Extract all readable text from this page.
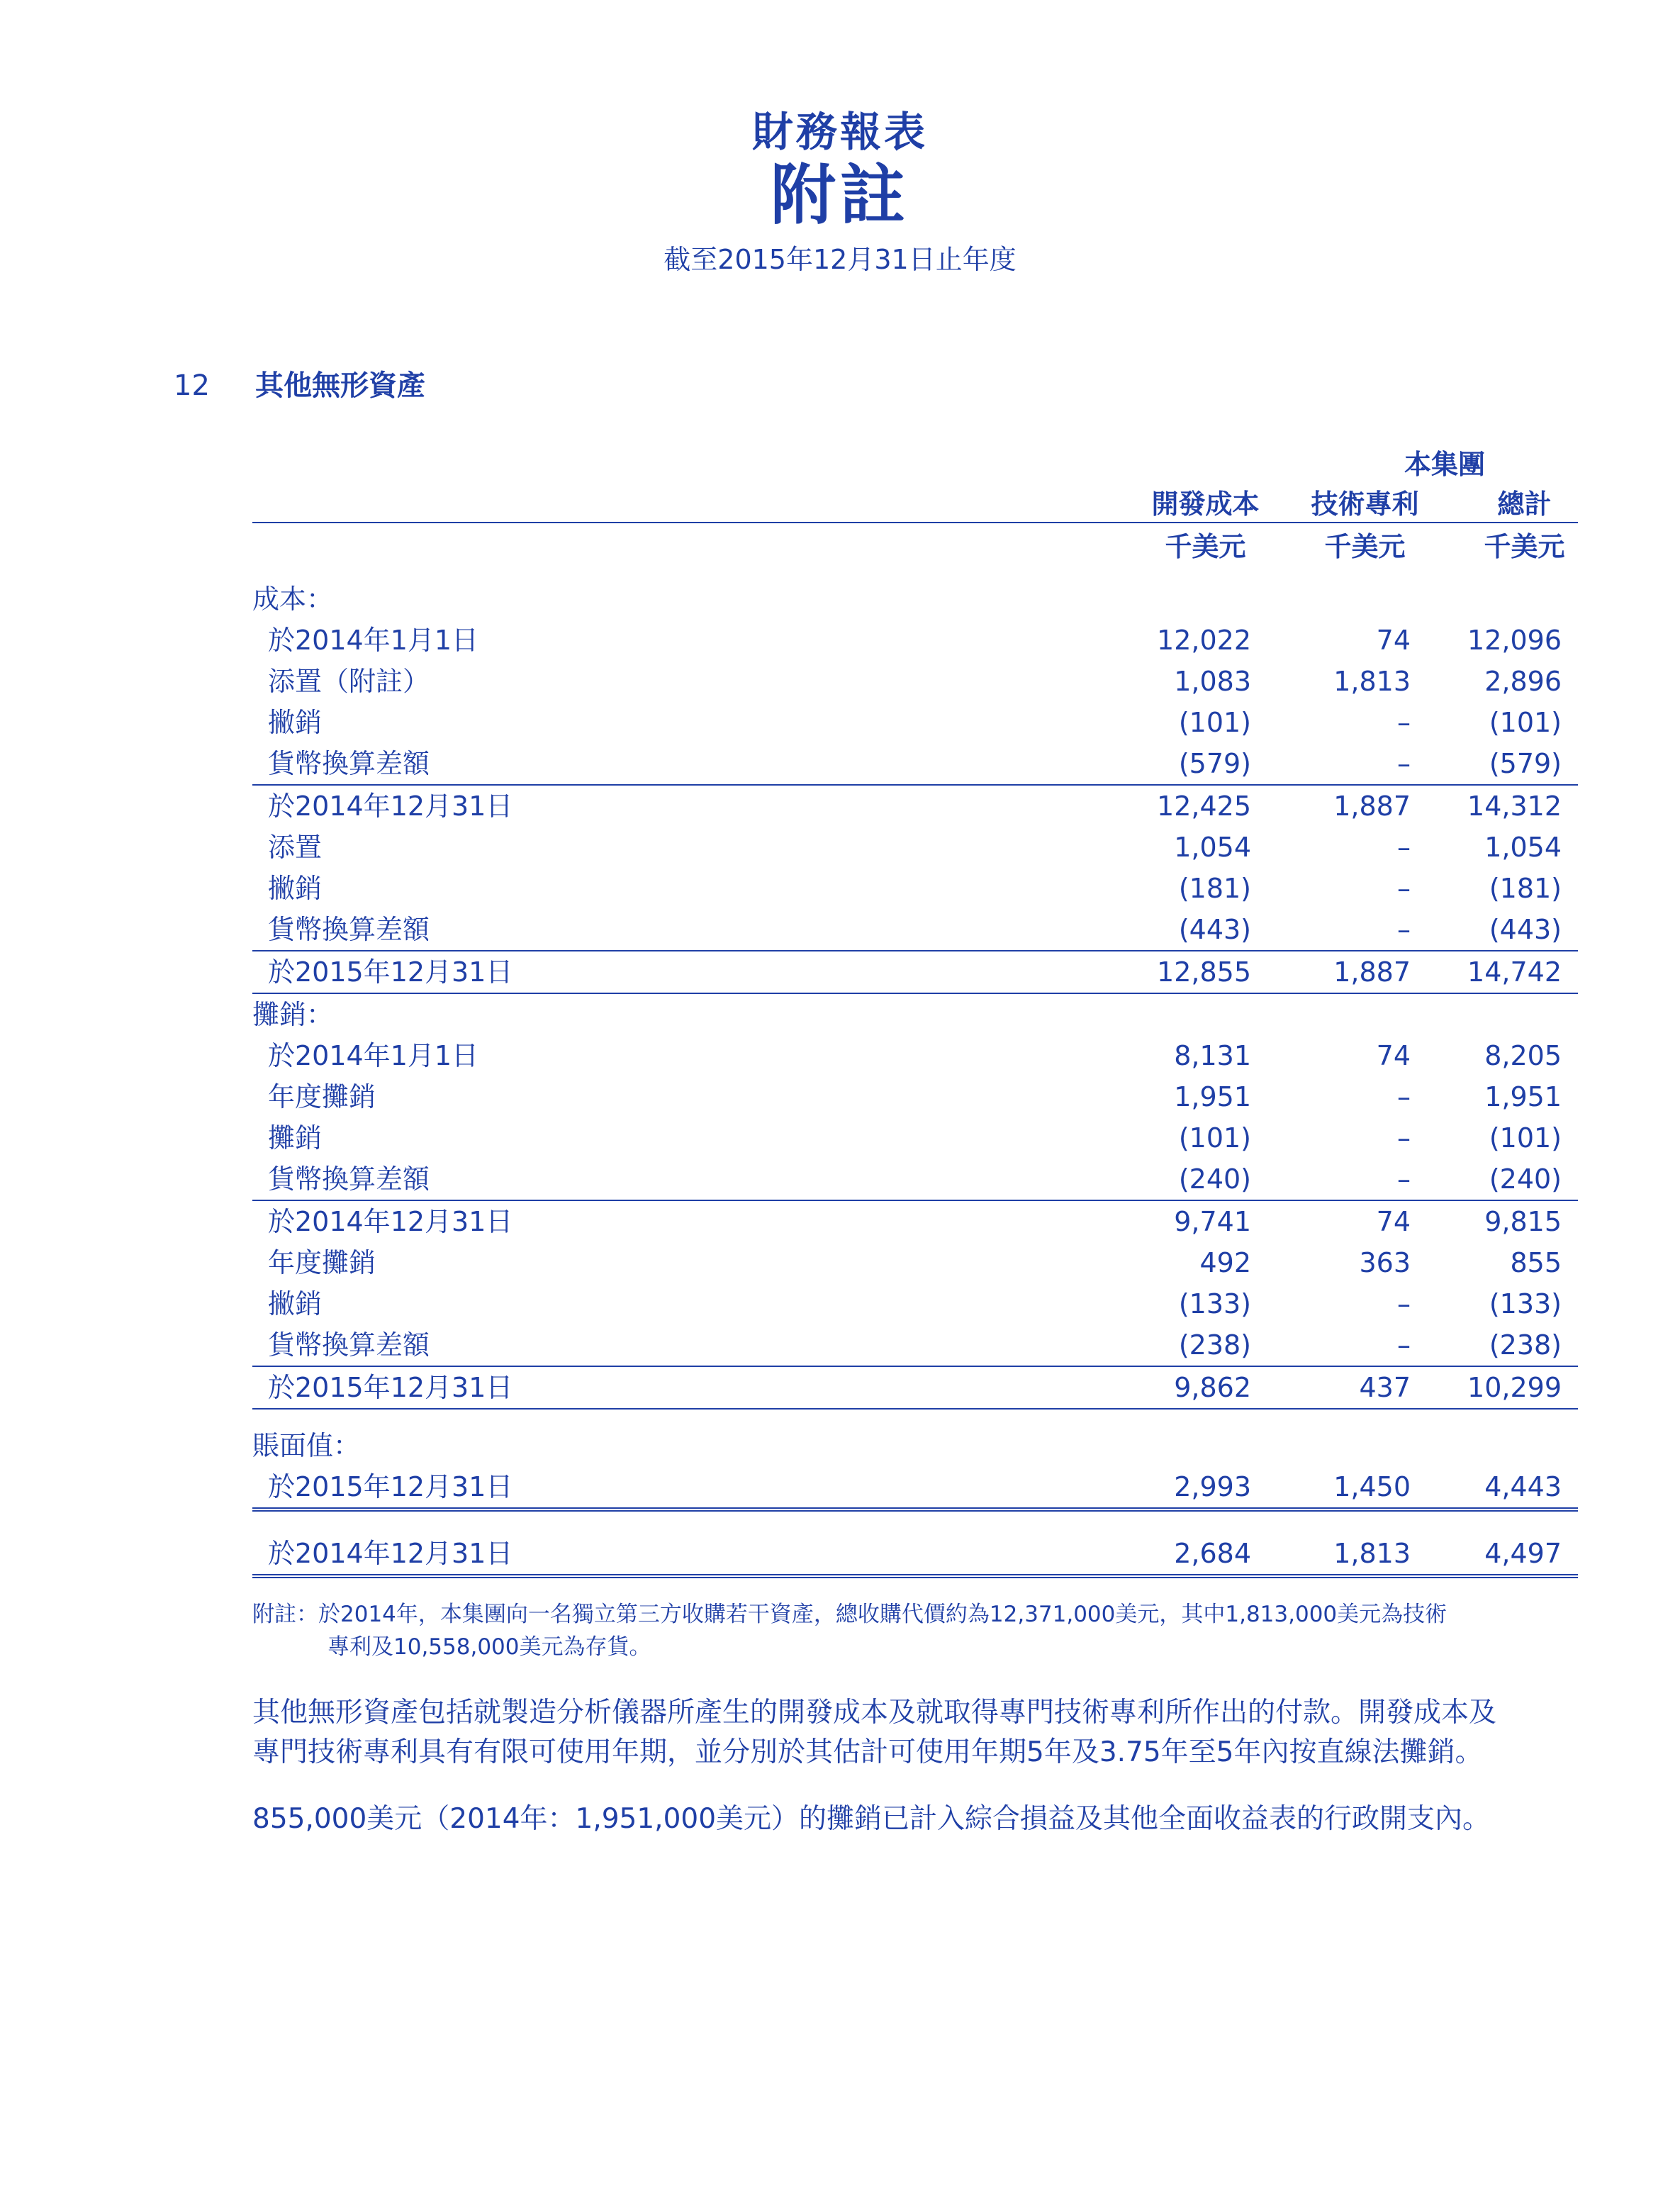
財務報表
附註
截至2015年12月31日止年度
12 其他無形資產
本集團
開發成本	技術專利	總計
千美元	千美元	千美元
成本：
於2014年1月1日	12,022	74	12,096
添置（附註）	1,083	1,813	2,896
撇銷	(101)	–	(101)
貨幣換算差額	(579)	–	(579)
於2014年12月31日	12,425	1,887	14,312
添置	1,054	–	1,054
撇銷	(181)	–	(181)
貨幣換算差額	(443)	–	(443)
於2015年12月31日	12,855	1,887	14,742
攤銷：
於2014年1月1日	8,131	74	8,205
年度攤銷	1,951	–	1,951
攤銷	(101)	–	(101)
貨幣換算差額	(240)	–	(240)
於2014年12月31日	9,741	74	9,815
年度攤銷	492	363	855
撇銷	(133)	–	(133)
貨幣換算差額	(238)	–	(238)
於2015年12月31日	9,862	437	10,299
賬面值：
於2015年12月31日	2,993	1,450	4,443
於2014年12月31日	2,684	1,813	4,497
附註：於2014年，本集團向一名獨立第三方收購若干資產，總收購代價約為12,371,000美元，其中1,813,000美元為技術
專利及10,558,000美元為存貨。
其他無形資產包括就製造分析儀器所產生的開發成本及就取得專門技術專利所作出的付款。開發成本及
專門技術專利具有有限可使用年期，並分別於其估計可使用年期5年及3.75年至5年內按直線法攤銷。
855,000美元（2014年：1,951,000美元）的攤銷已計入綜合損益及其他全面收益表的行政開支內。
